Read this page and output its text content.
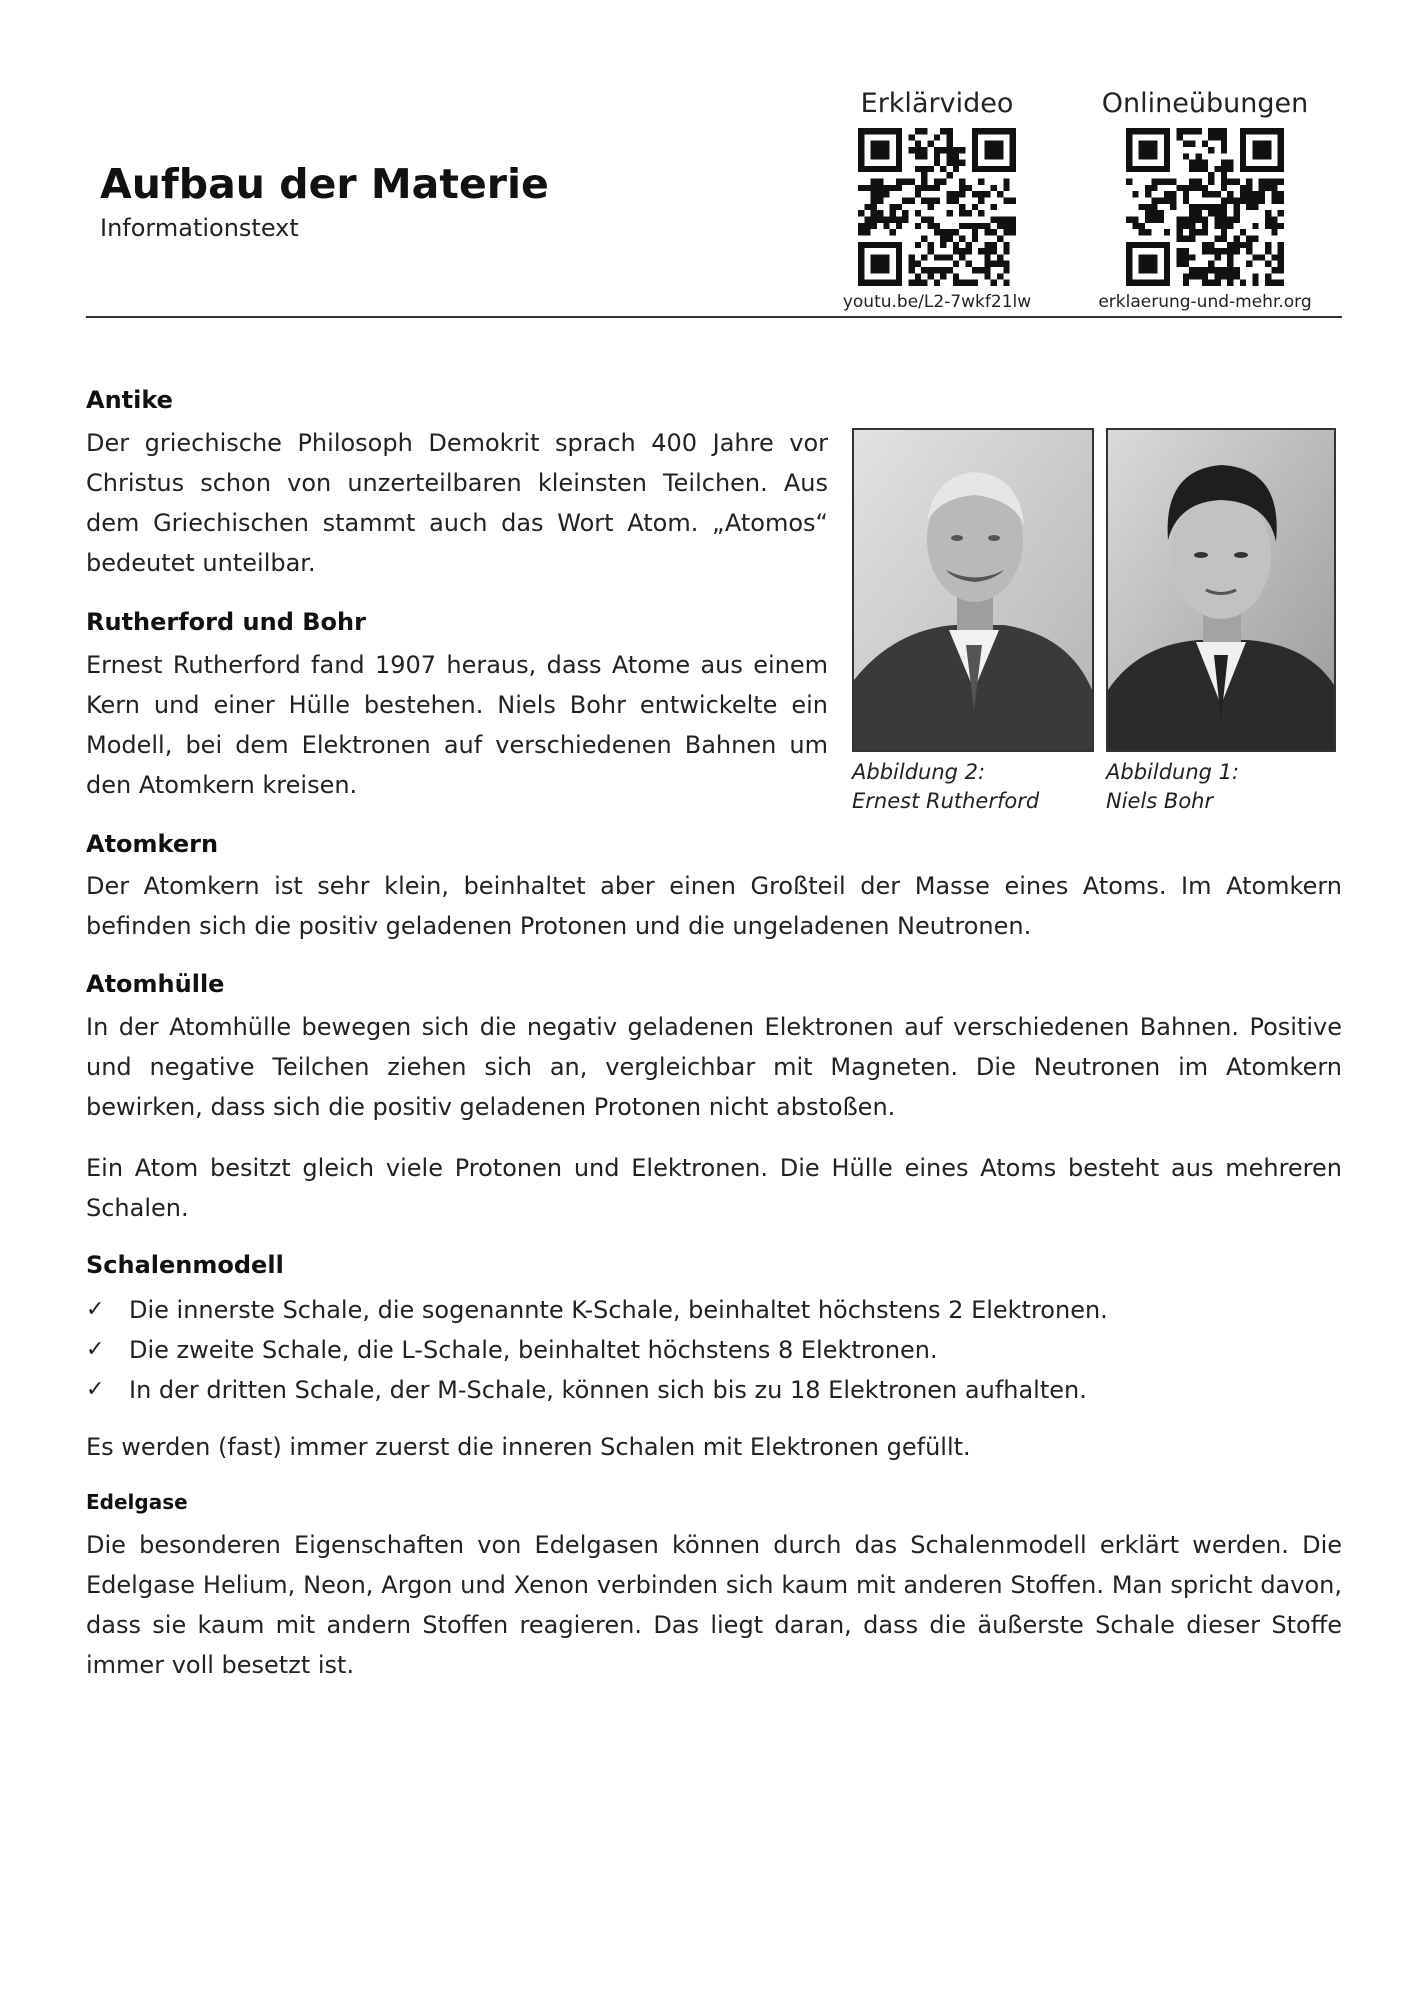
Aufbau der Materie
Informationstext
Erklärvideo
youtu.be/L2-7wkf21lw
Onlineübungen
erklaerung-und-mehr.org
Antike

Der griechische Philosoph Demokrit sprach 400 Jahre vor Christus schon von unzerteilbaren kleinsten Teilchen. Aus dem Griechischen stammt auch das Wort Atom. „Atomos“ bedeutet unteilbar.

Rutherford und Bohr

Ernest Rutherford fand 1907 heraus, dass Atome aus einem Kern und einer Hülle bestehen. Niels Bohr entwickelte ein Modell, bei dem Elektronen auf verschiedenen Bahnen um den Atomkern kreisen.	Abbildung 2:
Ernest Rutherford
Abbildung 1:
Niels Bohr
Atomkern

Der Atomkern ist sehr klein, beinhaltet aber einen Großteil der Masse eines Atoms. Im Atomkern befinden sich die positiv geladenen Protonen und die ungeladenen Neutronen.

Atomhülle

In der Atomhülle bewegen sich die negativ geladenen Elektronen auf verschiedenen Bahnen. Positive und negative Teilchen ziehen sich an, vergleichbar mit Magneten. Die Neutronen im Atomkern bewirken, dass sich die positiv geladenen Protonen nicht abstoßen.

Ein Atom besitzt gleich viele Protonen und Elektronen. Die Hülle eines Atoms besteht aus mehreren Schalen.

Schalenmodell
✓ Die innerste Schale, die sogenannte K-Schale, beinhaltet höchstens 2 Elektronen.
✓ Die zweite Schale, die L-Schale, beinhaltet höchstens 8 Elektronen.
✓ In der dritten Schale, der M-Schale, können sich bis zu 18 Elektronen aufhalten.

Es werden (fast) immer zuerst die inneren Schalen mit Elektronen gefüllt.

Edelgase

Die besonderen Eigenschaften von Edelgasen können durch das Schalenmodell erklärt werden. Die Edelgase Helium, Neon, Argon und Xenon verbinden sich kaum mit anderen Stoffen. Man spricht davon, dass sie kaum mit andern Stoffen reagieren. Das liegt daran, dass die äußerste Schale dieser Stoffe immer voll besetzt ist.
